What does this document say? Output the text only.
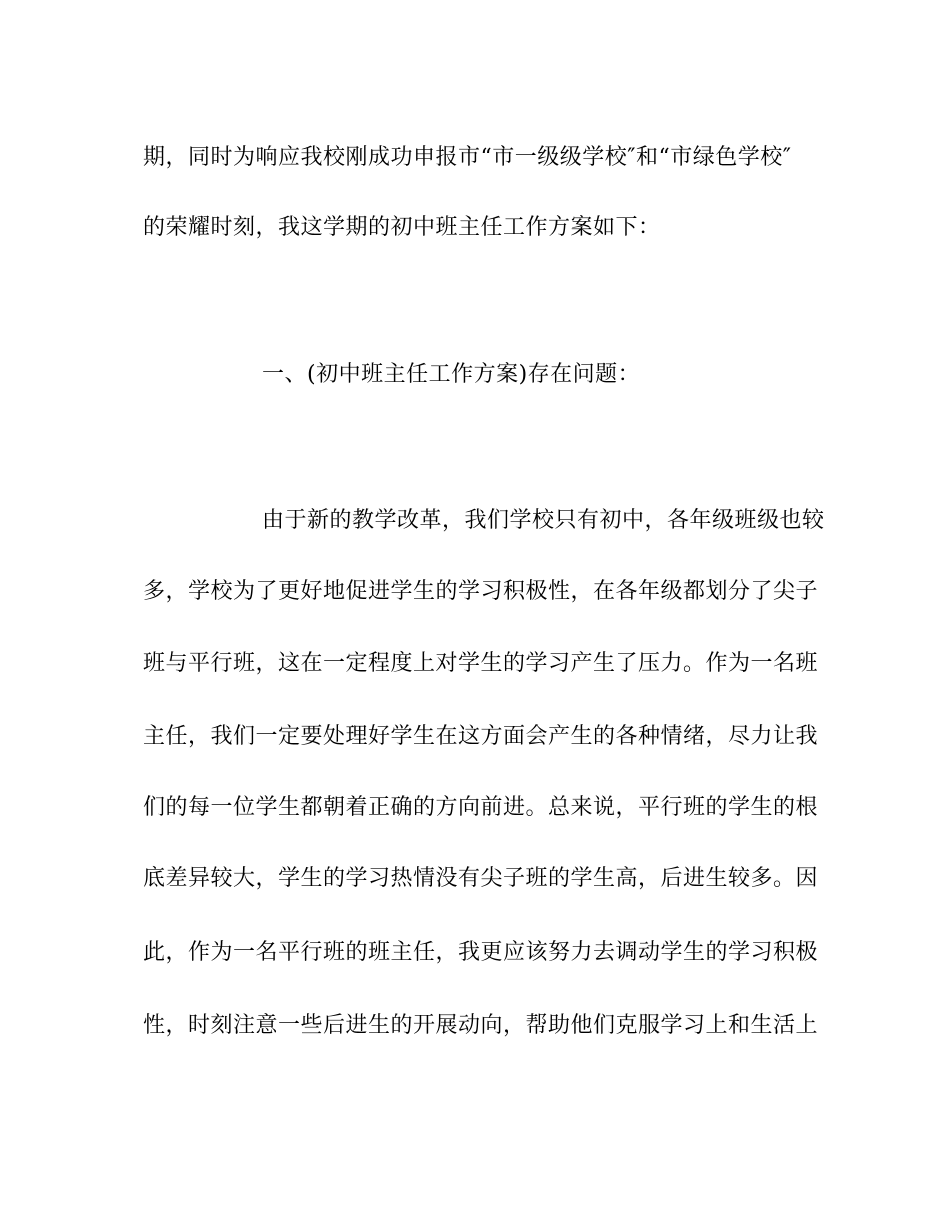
期，同时为响应我校刚成功申报市“市一级级学校″和“市绿色学校″
的荣耀时刻，我这学期的初中班主任工作方案如下：
一、(初中班主任工作方案)存在问题：
由于新的教学改革，我们学校只有初中，各年级班级也较
多，学校为了更好地促进学生的学习积极性，在各年级都划分了尖子
班与平行班，这在一定程度上对学生的学习产生了压力。作为一名班
主任，我们一定要处理好学生在这方面会产生的各种情绪，尽力让我
们的每一位学生都朝着正确的方向前进。总来说，平行班的学生的根
底差异较大，学生的学习热情没有尖子班的学生高，后进生较多。因
此，作为一名平行班的班主任，我更应该努力去调动学生的学习积极
性，时刻注意一些后进生的开展动向，帮助他们克服学习上和生活上
